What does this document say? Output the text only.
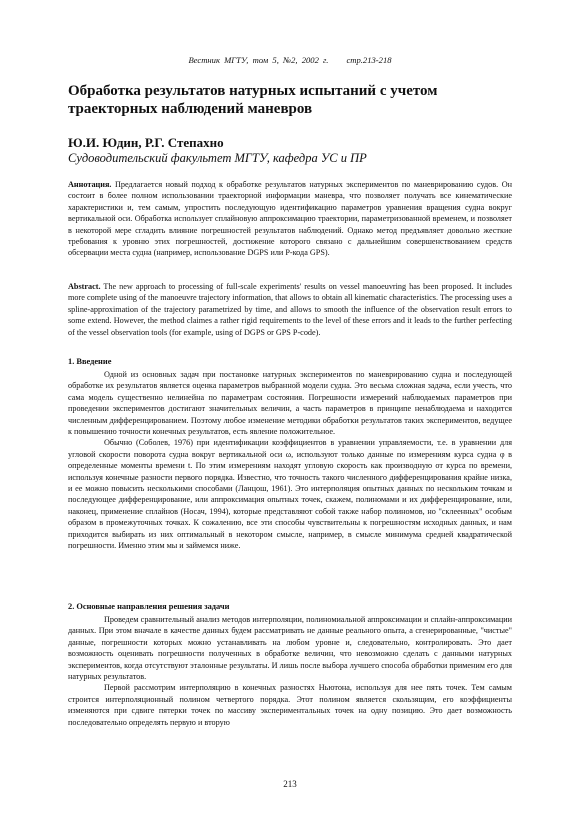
Вестник МГТУ, том 5, №2, 2002 г. стр.213-218
Обработка результатов натурных испытаний с учетом траекторных наблюдений маневров

Ю.И. Юдин, Р.Г. Степахно

Судоводительский факультет МГТУ, кафедра УС и ПР

Аннотация. Предлагается новый подход к обработке результатов натурных экспериментов по маневрированию судов. Он состоит в более полном использовании траекторной информации маневра, что позволяет получать все кинематические характеристики и, тем самым, упростить последующую идентификацию параметров уравнения вращения судна вокруг вертикальной оси. Обработка использует сплайновую аппроксимацию траектории, параметризованной временем, и позволяет в некоторой мере сгладить влияние погрешностей результатов наблюдений. Однако метод предъявляет довольно жесткие требования к уровню этих погрешностей, достижение которого связано с дальнейшим совершенствованием средств обсервации места судна (например, использование DGPS или Р-кода GPS).
Abstract. The new approach to processing of full-scale experiments' results on vessel manoeuvring has been proposed. It includes more complete using of the manoeuvre trajectory information, that allows to obtain all kinematic characteristics. The processing uses a spline-approximation of the trajectory parametrized by time, and allows to smooth the influence of the observation result errors to some extend. However, the method claimes a rather rigid requirements to the level of these errors and it leads to the further perfecting of the vessel observation tools (for example, using of DGPS or GPS P-code).
1. Введение

Одной из основных задач при постановке натурных экспериментов по маневрированию судна и последующей обработке их результатов является оценка параметров выбранной модели судна. Это весьма сложная задача, если учесть, что сама модель существенно нелинейна по параметрам состояния. Погрешности измерений наблюдаемых параметров при проведении экспериментов достигают значительных величин, а часть параметров в принципе ненаблюдаема и находится численным дифференцированием. Поэтому любое изменение методики обработки результатов таких экспериментов, ведущее к повышению точности конечных результатов, есть явление положительное.

Обычно (Соболев, 1976) при идентификации коэффициентов в уравнении управляемости, т.е. в уравнении для угловой скорости поворота судна вокруг вертикальной оси ω, используют только данные по измерениям курса судна φ в определенные моменты времени t. По этим измерениям находят угловую скорость как производную от курса по времени, используя конечные разности первого порядка. Известно, что точность такого численного дифференцирования крайне низка, и ее можно повысить несколькими способами (Ланцош, 1961). Это интерполяция опытных данных по нескольким точкам и последующее дифференцирование, или аппроксимация опытных точек, скажем, полиномами и их дифференцирование, или, наконец, применение сплайнов (Носач, 1994), которые представляют собой также набор полиномов, но "склеенных" особым образом в промежуточных точках. К сожалению, все эти способы чувствительны к погрешностям исходных данных, и нам приходится выбирать из них оптимальный в некотором смысле, например, в смысле минимума средней квадратической погрешности. Именно этим мы и займемся ниже.

2. Основные направления решения задачи

Проведем сравнительный анализ методов интерполяции, полиномиальной аппроксимации и сплайн-аппроксимации данных. При этом вначале в качестве данных будем рассматривать не данные реального опыта, а сгенерированные, "чистые" данные, погрешности которых можно устанавливать на любом уровне и, следовательно, контролировать. Это дает возможность оценивать погрешности полученных в обработке величин, что невозможно сделать с данными натурных экспериментов, когда отсутствуют эталонные результаты. И лишь после выбора лучшего способа обработки применим его для натурных результатов.

Первой рассмотрим интерполяцию в конечных разностях Ньютона, используя для нее пять точек. Тем самым строится интерполяционный полином четвертого порядка. Этот полином является скользящим, его коэффициенты изменяются при сдвиге пятерки точек по массиву экспериментальных точек на одну позицию. Это дает возможность последовательно определять первую и вторую

213
